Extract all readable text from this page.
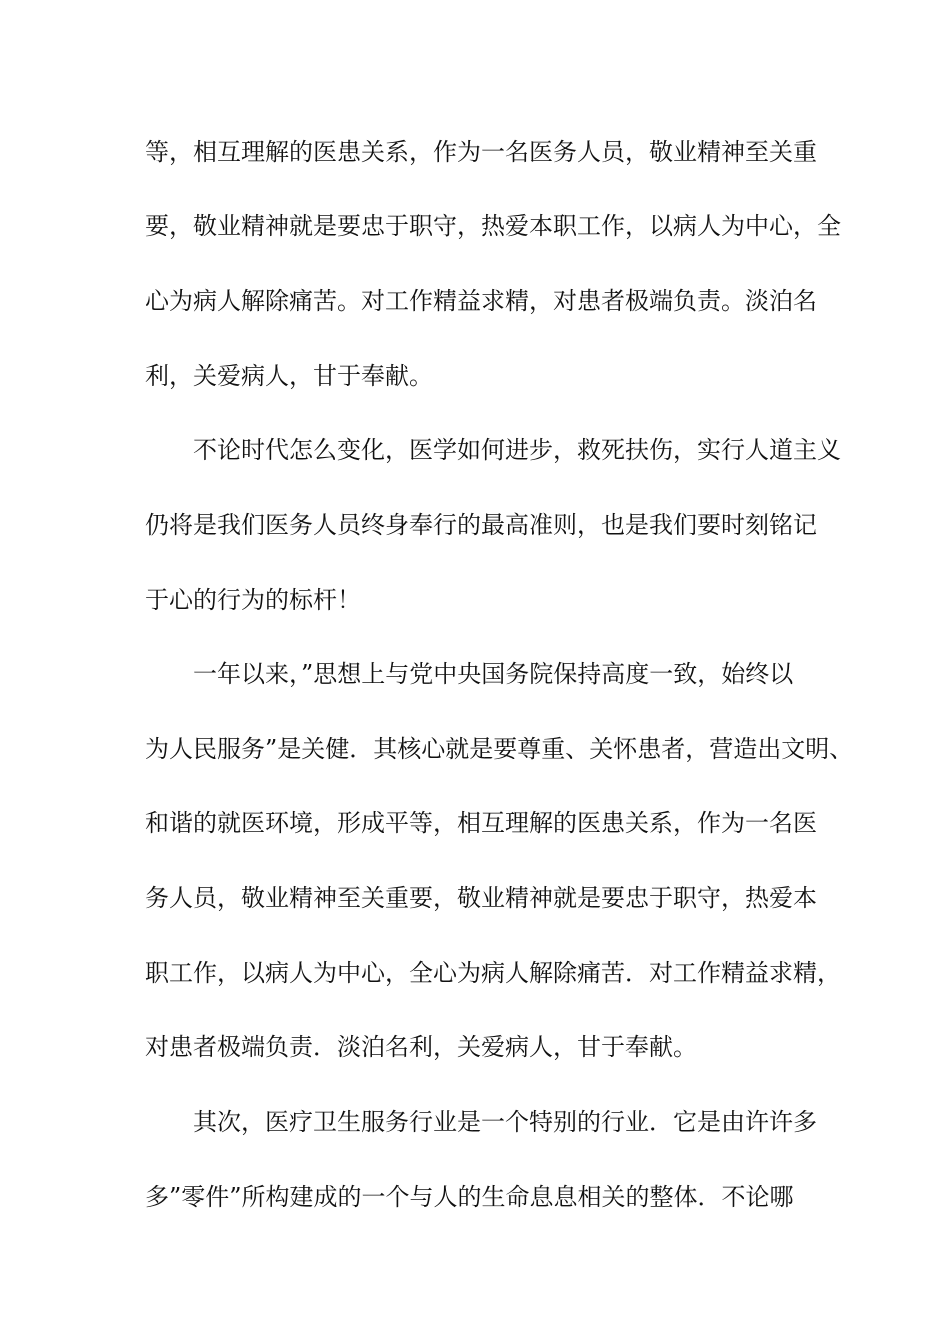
等，相互理解的医患关系，作为一名医务人员，敬业精神至关重
要，敬业精神就是要忠于职守，热爱本职工作，以病人为中心，全
心为病人解除痛苦。对工作精益求精，对患者极端负责。淡泊名
利，关爱病人，甘于奉献。
不论时代怎么变化，医学如何进步，救死扶伤，实行人道主义
仍将是我们医务人员终身奉行的最高准则，也是我们要时刻铭记
于心的行为的标杆！
一年以来，”思想上与党中央国务院保持高度一致，始终以
为人民服务”是关健．其核心就是要尊重、关怀患者，营造出文明、
和谐的就医环境，形成平等，相互理解的医患关系，作为一名医
务人员，敬业精神至关重要，敬业精神就是要忠于职守，热爱本
职工作，以病人为中心，全心为病人解除痛苦．对工作精益求精，
对患者极端负责．淡泊名利，关爱病人，甘于奉献。
其次，医疗卫生服务行业是一个特别的行业．它是由许许多
多”零件”所构建成的一个与人的生命息息相关的整体．不论哪
